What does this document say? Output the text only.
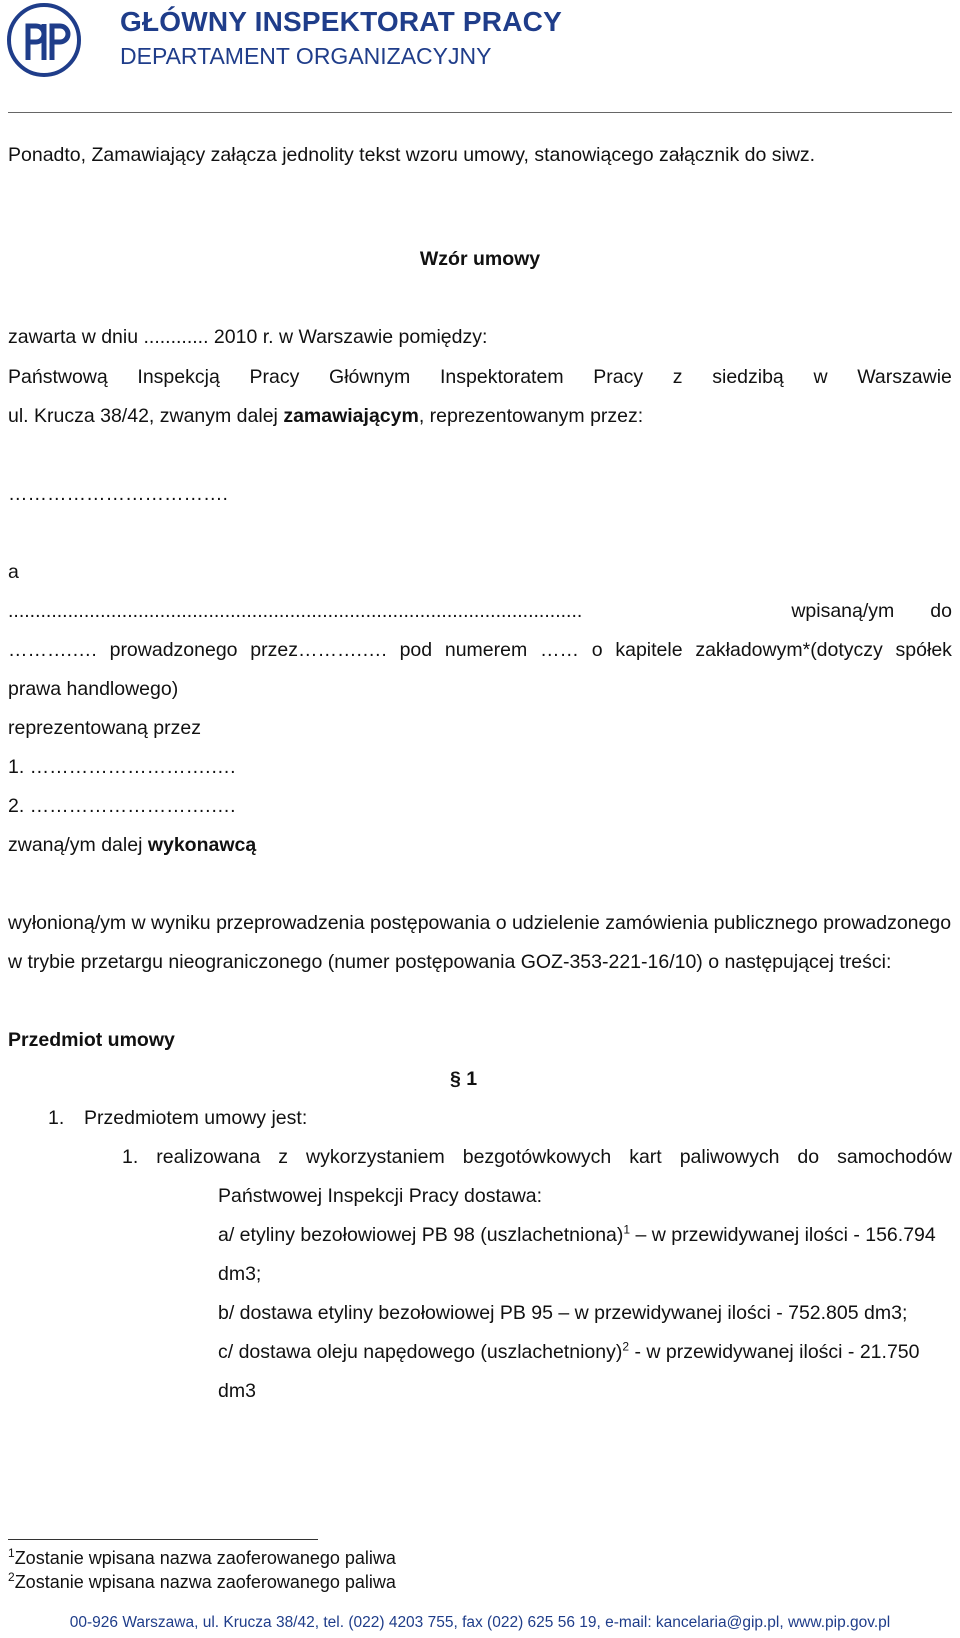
GŁÓWNY INSPEKTORAT PRACY
DEPARTAMENT ORGANIZACYJNY
Ponadto, Zamawiający załącza jednolity tekst wzoru umowy, stanowiącego załącznik do siwz.
Wzór umowy
zawarta w dniu ............ 2010 r. w Warszawie pomiędzy:
Państwową Inspekcją Pracy Głównym Inspektoratem Pracy z siedzibą w Warszawie
ul. Krucza 38/42, zwanym dalej zamawiającym, reprezentowanym przez:
…………………………….
a
..........................................................................................................	wpisaną/ym do
……….…. prowadzonego przez……….…. pod numerem …… o kapitele zakładowym*(dotyczy spółek
prawa handlowego)
reprezentowaną przez
1. ……………………….….
2. ……………………….….
zwaną/ym dalej wykonawcą
wyłonioną/ym w wyniku przeprowadzenia postępowania o udzielenie zamówienia publicznego prowadzonego
w trybie przetargu nieograniczonego (numer postępowania GOZ-353-221-16/10) o następującej treści:
Przedmiot umowy
§ 1
1. Przedmiotem umowy jest:
1. realizowana z wykorzystaniem bezgotówkowych kart paliwowych do samochodów
Państwowej Inspekcji Pracy dostawa:
a/ etyliny bezołowiowej PB 98 (uszlachetniona)$^1$ – w przewidywanej ilości - 156.794
dm3;
b/ dostawa etyliny bezołowiowej PB 95 – w przewidywanej ilości - 752.805 dm3;
c/ dostawa oleju napędowego (uszlachetniony)$^2$ - w przewidywanej ilości - 21.750
dm3
$^1$Zostanie wpisana nazwa zaoferowanego paliwa
$^2$Zostanie wpisana nazwa zaoferowanego paliwa
00-926 Warszawa, ul. Krucza 38/42, tel. (022) 4203 755, fax (022) 625 56 19, e-mail: kancelaria@gip.pl, www.pip.gov.pl
